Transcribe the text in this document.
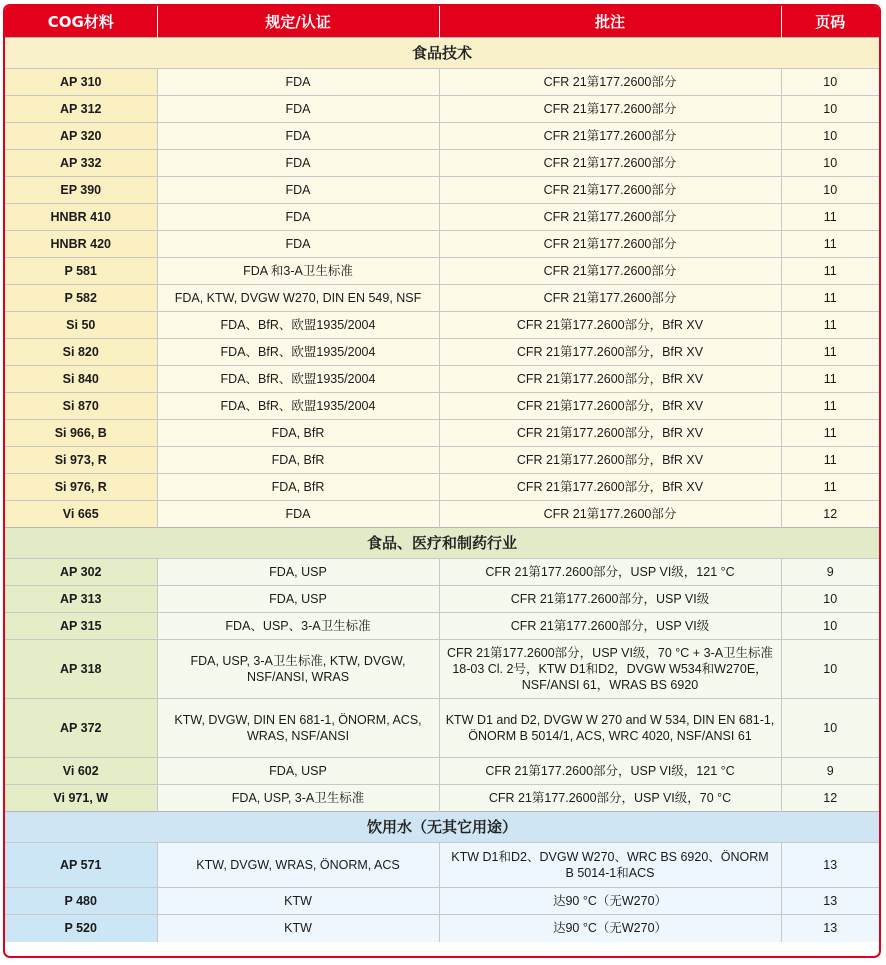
COG材料	规定/认证	批注	页码
食品技术			
AP 310	FDA	CFR 21第177.2600部分	10
AP 312	FDA	CFR 21第177.2600部分	10
AP 320	FDA	CFR 21第177.2600部分	10
AP 332	FDA	CFR 21第177.2600部分	10
EP 390	FDA	CFR 21第177.2600部分	10
HNBR 410	FDA	CFR 21第177.2600部分	11
HNBR 420	FDA	CFR 21第177.2600部分	11
P 581	FDA 和3-A卫生标准	CFR 21第177.2600部分	11
P 582	FDA, KTW, DVGW W270, DIN EN 549, NSF	CFR 21第177.2600部分	11
Si 50	FDA、BfR、欧盟1935/2004	CFR 21第177.2600部分，BfR XV	11
Si 820	FDA、BfR、欧盟1935/2004	CFR 21第177.2600部分，BfR XV	11
Si 840	FDA、BfR、欧盟1935/2004	CFR 21第177.2600部分，BfR XV	11
Si 870	FDA、BfR、欧盟1935/2004	CFR 21第177.2600部分，BfR XV	11
Si 966, B	FDA, BfR	CFR 21第177.2600部分，BfR XV	11
Si 973, R	FDA, BfR	CFR 21第177.2600部分，BfR XV	11
Si 976, R	FDA, BfR	CFR 21第177.2600部分，BfR XV	11
Vi 665	FDA	CFR 21第177.2600部分	12
食品、医疗和制药行业			
AP 302	FDA, USP	CFR 21第177.2600部分，USP VI级，121 °C	9
AP 313	FDA, USP	CFR 21第177.2600部分，USP VI级	10
AP 315	FDA、USP、3-A卫生标准	CFR 21第177.2600部分，USP VI级	10
AP 318	FDA, USP, 3-A卫生标准, KTW, DVGW, NSF/ANSI, WRAS	CFR 21第177.2600部分，USP VI级，70 °C + 3-A卫生标准18-03 Cl. 2号，KTW D1和D2，DVGW W534和W270E，NSF/ANSI 61，WRAS BS 6920	10
AP 372	KTW, DVGW, DIN EN 681-1, ÖNORM, ACS, WRAS, NSF/ANSI	KTW D1 and D2, DVGW W 270 and W 534, DIN EN 681-1, ÖNORM B 5014/1, ACS, WRC 4020, NSF/ANSI 61	10
Vi 602	FDA, USP	CFR 21第177.2600部分，USP VI级，121 °C	9
Vi 971, W	FDA, USP, 3-A卫生标准	CFR 21第177.2600部分，USP VI级，70 °C	12
饮用水（无其它用途）			
AP 571	KTW, DVGW, WRAS, ÖNORM, ACS	KTW D1和D2、DVGW W270、WRC BS 6920、ÖNORM B 5014-1和ACS	13
P 480	KTW	达90 °C（无W270）	13
P 520	KTW	达90 °C（无W270）	13
